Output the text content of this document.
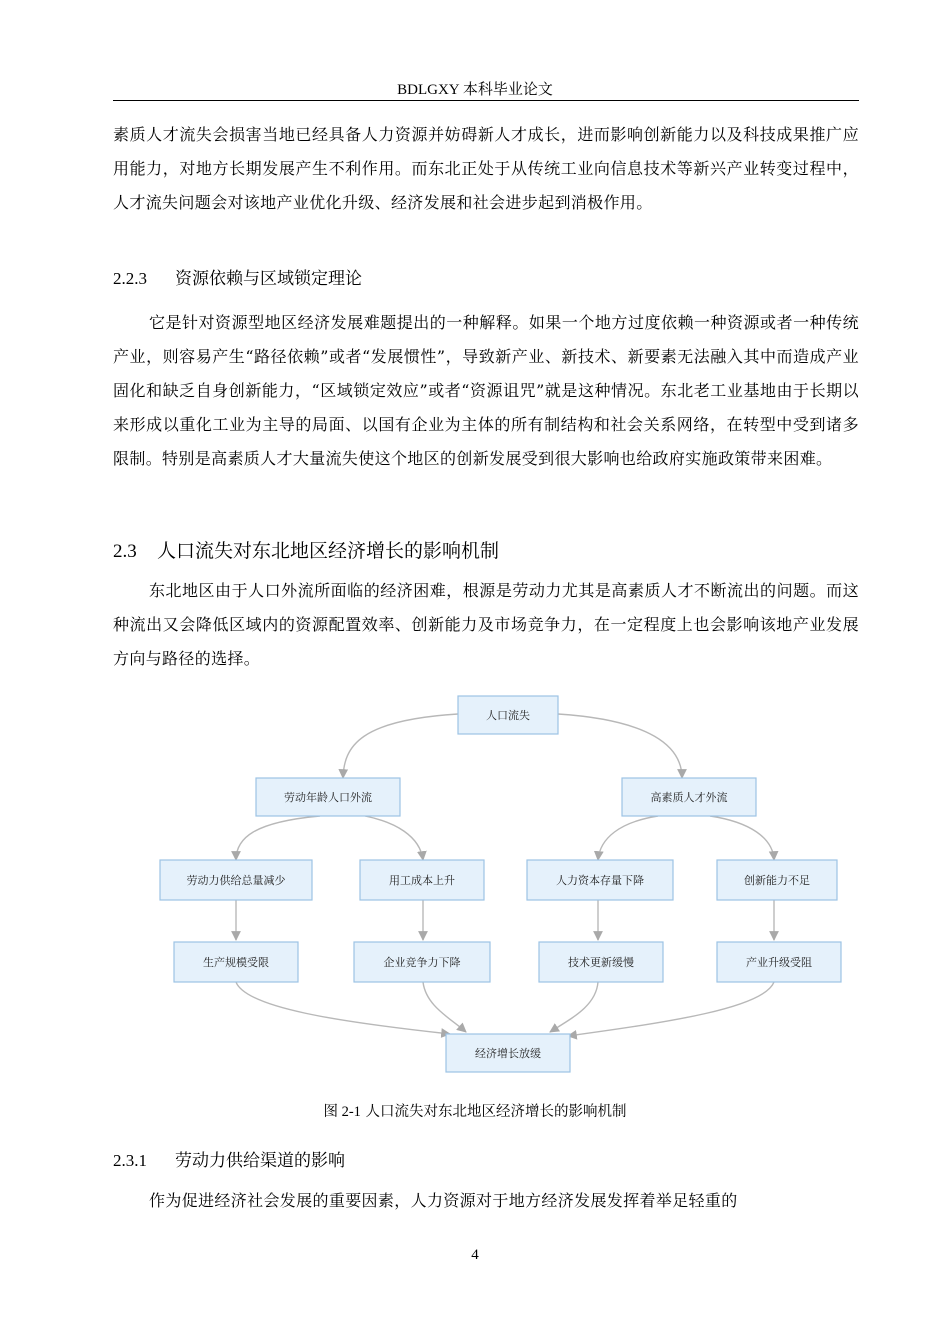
BDLGXY 本科毕业论文

素质人才流失会损害当地已经具备人力资源并妨碍新人才成长，进而影响创新能力以及科技成果推广应用能力，对地方长期发展产生不利作用。而东北正处于从传统工业向信息技术等新兴产业转变过程中，人才流失问题会对该地产业优化升级、经济发展和社会进步起到消极作用。

2.2.3 资源依赖与区域锁定理论

它是针对资源型地区经济发展难题提出的一种解释。如果一个地方过度依赖一种资源或者一种传统产业，则容易产生“路径依赖”或者“发展惯性”，导致新产业、新技术、新要素无法融入其中而造成产业固化和缺乏自身创新能力，“区域锁定效应”或者“资源诅咒”就是这种情况。东北老工业基地由于长期以来形成以重化工业为主导的局面、以国有企业为主体的所有制结构和社会关系网络，在转型中受到诸多限制。特别是高素质人才大量流失使这个地区的创新发展受到很大影响也给政府实施政策带来困难。

2.3 人口流失对东北地区经济增长的影响机制

东北地区由于人口外流所面临的经济困难，根源是劳动力尤其是高素质人才不断流出的问题。而这种流出又会降低区域内的资源配置效率、创新能力及市场竞争力，在一定程度上也会影响该地产业发展方向与路径的选择。

人口流失
劳动年龄人口外流	高素质人才外流
劳动力供给总量减少	用工成本上升	人力资本存量下降	创新能力不足
生产规模受限	企业竞争力下降	技术更新缓慢	产业升级受阻
经济增长放缓
图 2-1 人口流失对东北地区经济增长的影响机制
2.3.1 劳动力供给渠道的影响

作为促进经济社会发展的重要因素，人力资源对于地方经济发展发挥着举足轻重的

4
